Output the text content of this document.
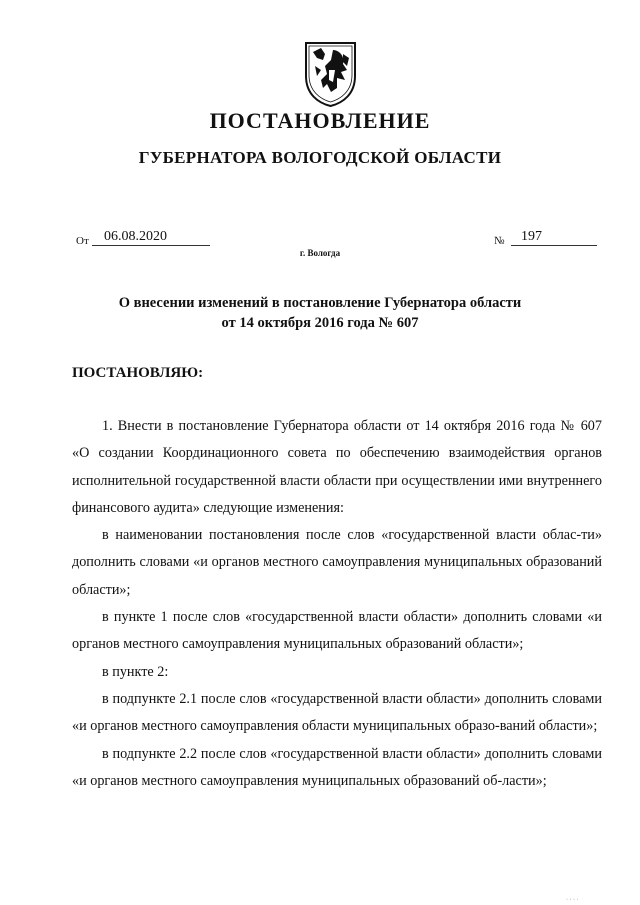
ПОСТАНОВЛЕНИЕ
ГУБЕРНАТОРА ВОЛОГОДСКОЙ ОБЛАСТИ
От	06.08.2020	№	197
г. Вологда
О внесении изменений в постановление Губернатора области
от 14 октября 2016 года № 607
ПОСТАНОВЛЯЮ:

1. Внести в постановление Губернатора области от 14 октября 2016 года № 607 «О создании Координационного совета по обеспечению взаимодействия органов исполнительной государственной власти области при осуществлении ими внутреннего финансового аудита» следующие изменения:

в наименовании постановления после слов «государственной власти облас-ти» дополнить словами «и органов местного самоуправления муниципальных образований области»;

в пункте 1 после слов «государственной власти области» дополнить словами «и органов местного самоуправления муниципальных образований области»;

в пункте 2:

в подпункте 2.1 после слов «государственной власти области» дополнить словами «и органов местного самоуправления области муниципальных образо-ваний области»;

в подпункте 2.2 после слов «государственной власти области» дополнить словами «и органов местного самоуправления муниципальных образований об-ласти»;

· · · ·
